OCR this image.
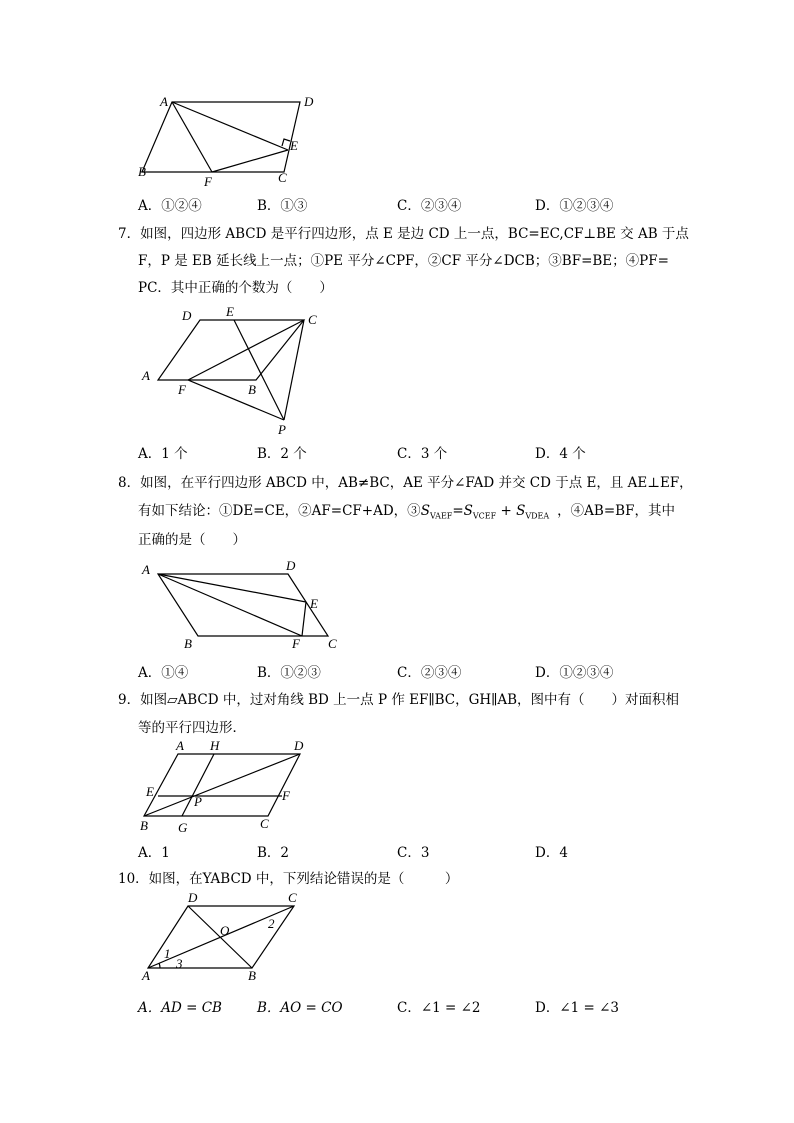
A	D
B
F	C
E
A．①②④	B．①③	C．②③④	D．①②③④
7．如图，四边形 ABCD 是平行四边形，点 E 是边 CD 上一点，BC=EC,CF⊥BE 交 AB 于点
F，P 是 EB 延长线上一点；①PE 平分∠CPF，②CF 平分∠DCB；③BF=BE；④PF=
PC．其中正确的个数为（　　）
D	E
C
A
F	B
P
A．1 个	B．2 个	C．3 个	D．4 个
8．如图，在平行四边形 ABCD 中，AB≠BC，AE 平分∠FAD 并交 CD 于点 E，且 AE⊥EF，
有如下结论：①DE=CE，②AF=CF+AD，$③S_{VAEF}=S_{VCEF} + S_{VDEA}$ ，④AB=BF，其中
正确的是（　　）
A	D
E
B	F C
A．①④	B．①②③	C．②③④	D．①②③④
9．如图▱ABCD 中，过对角线 BD 上一点 P 作 EF∥BC，GH∥AB，图中有（　　）对面积相
等的平行四边形．
A H	D
E
P	F
B G	C
A．1	B．2	C．3	D．4
10．如图，在YABCD 中，下列结论错误的是（　　　）
D	C
O	2
1
3
A	B
A．AD = CB	B．AO = CO	C．∠1 = ∠2	D．∠1 = ∠3
